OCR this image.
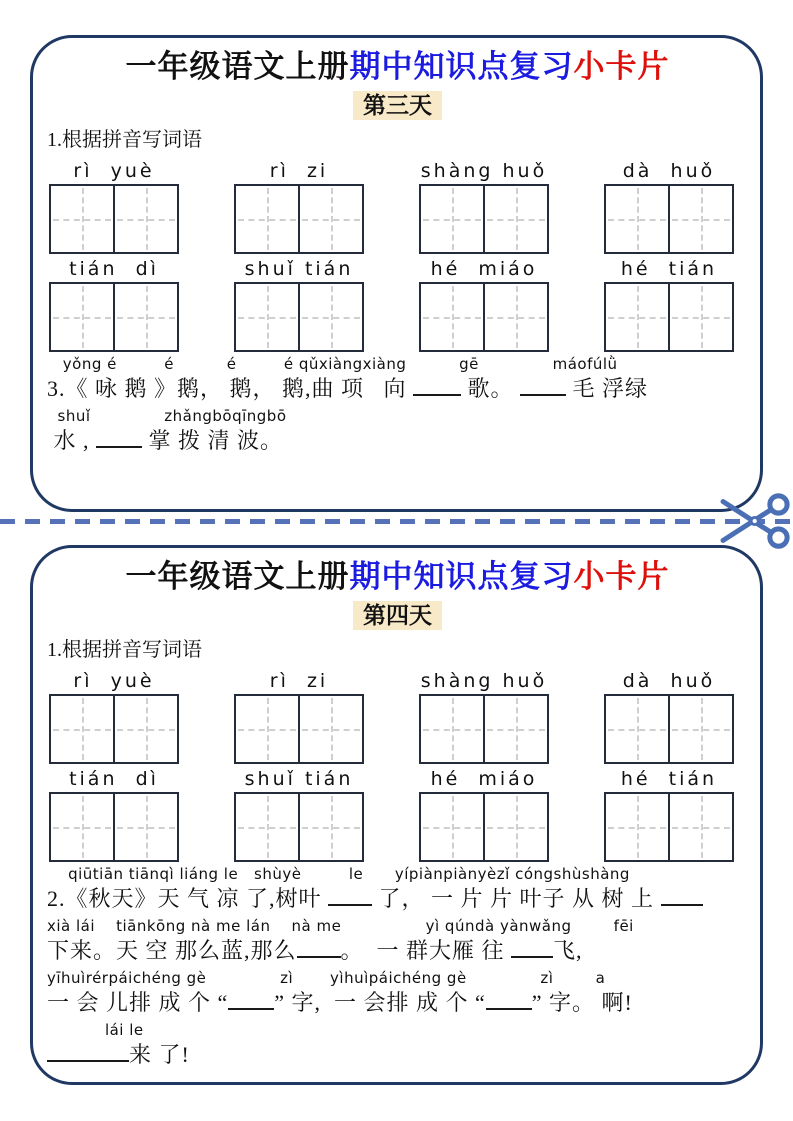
一年级语文上册期中知识点复习小卡片
第三天
1.根据拼音写词语
rì  yuè	rì  zi	shàng huǒ	dà  huǒ
tián  dì	shuǐ tián	hé  miáo	hé  tián
yǒng é         é          é         é qǔxiàngxiàng          gē              máofúlǜ
3.《 咏 鹅 》鹅， 鹅， 鹅,曲 项   向  歌。  毛 浮绿
shuǐ              zhǎngbōqīngbō
水 ,  掌 拨 清 波。
一年级语文上册期中知识点复习小卡片
第四天
1.根据拼音写词语
rì  yuè	rì  zi	shàng huǒ	dà  huǒ
tián  dì	shuǐ tián	hé  miáo	hé  tián
qiūtiān tiānqì liáng le   shùyè         le      yípiànpiànyèzǐ cóngshùshàng
2.《秋天》天 气 凉 了,树叶  了， 一 片 片 叶子 从 树 上
xià lái    tiānkōng nà me lán    nà me                yì qúndà yànwǎng        fēi
下来。天 空 那么蓝,那么 。  一 群大雁 往 飞,
yīhuìrérpáichéng gè              zì       yìhuìpáichéng gè              zì        a
一 会 儿排 成 个 “ ” 字,  一 会排 成 个 “ ” 字。 啊!
lái le
来 了!
